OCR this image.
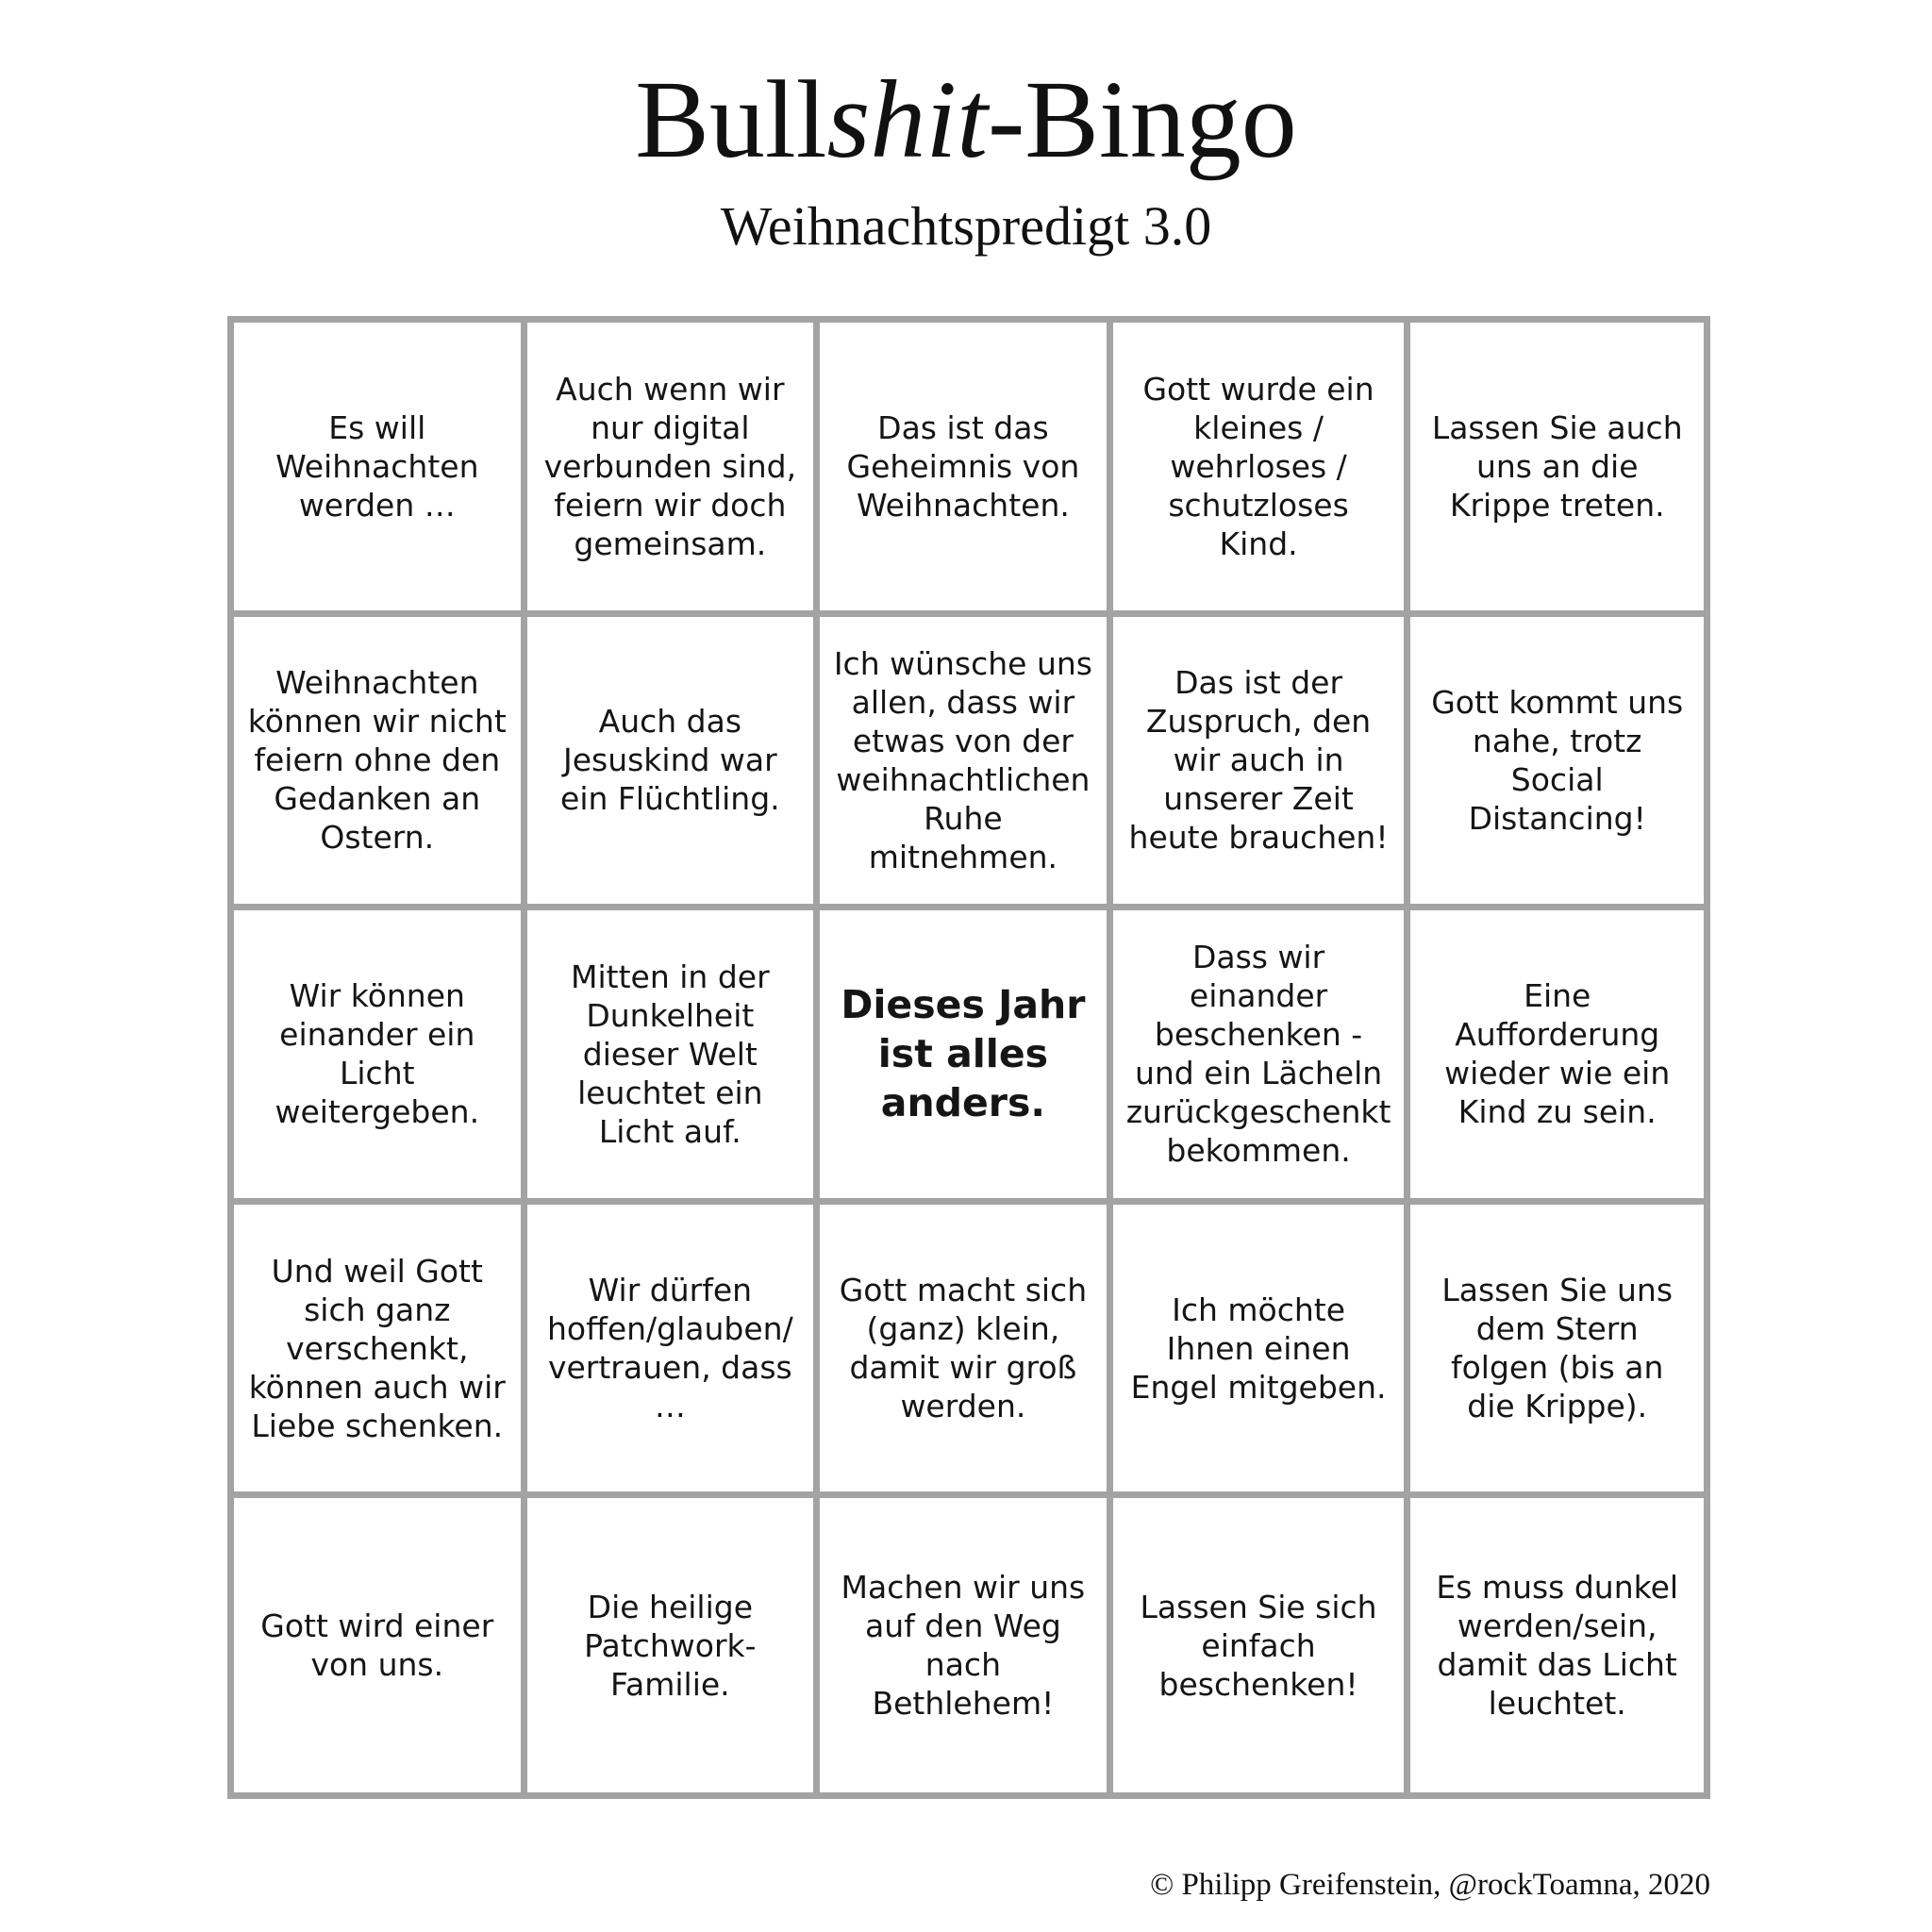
Bullshit-Bingo
Weihnachtspredigt 3.0
Es will Weihnachten werden …
Auch wenn wir nur digital verbunden sind, feiern wir doch gemeinsam.
Das ist das Geheimnis von Weihnachten.
Gott wurde ein kleines / wehrloses / schutzloses Kind.
Lassen Sie auch uns an die Krippe treten.
Weihnachten können wir nicht feiern ohne den Gedanken an Ostern.
Auch das Jesuskind war ein Flüchtling.
Ich wünsche uns allen, dass wir etwas von der weihnachtlichen Ruhe mitnehmen.
Das ist der Zuspruch, den wir auch in unserer Zeit heute brauchen!
Gott kommt uns nahe, trotz Social Distancing!
Wir können einander ein Licht weitergeben.
Mitten in der Dunkelheit dieser Welt leuchtet ein Licht auf.
Dieses Jahr ist alles anders.
Dass wir einander beschenken - und ein Lächeln zurückgeschenkt bekommen.
Eine Aufforderung wieder wie ein Kind zu sein.
Und weil Gott sich ganz verschenkt, können auch wir Liebe schenken.
Wir dürfen hoffen/glauben/ vertrauen, dass …
Gott macht sich (ganz) klein, damit wir groß werden.
Ich möchte Ihnen einen Engel mitgeben.
Lassen Sie uns dem Stern folgen (bis an die Krippe).
Gott wird einer von uns.
Die heilige Patchwork-Familie.
Machen wir uns auf den Weg nach Bethlehem!
Lassen Sie sich einfach beschenken!
Es muss dunkel werden/sein, damit das Licht leuchtet.
© Philipp Greifenstein, @rockToamna, 2020
